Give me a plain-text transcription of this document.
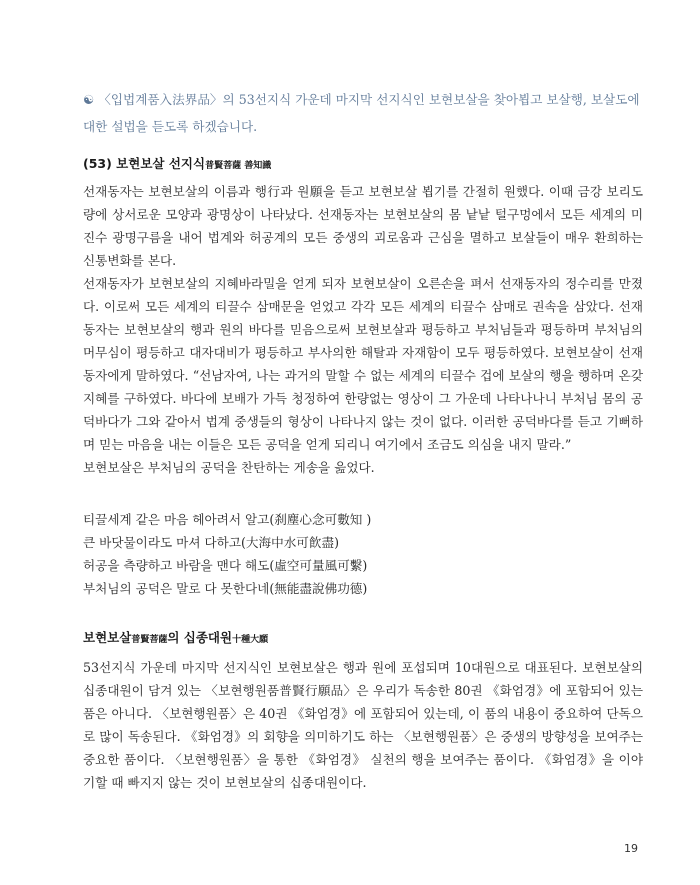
☯ 〈입법계품入法界品〉의 53선지식 가운데 마지막 선지식인 보현보살을 찾아뵙고 보살행, 보살도에 대한 설법을 듣도록 하겠습니다.
(53) 보현보살 선지식普賢菩薩 善知識

선재동자는 보현보살의 이름과 행行과 원願을 듣고 보현보살 뵙기를 간절히 원했다. 이때 금강 보리도량에 상서로운 모양과 광명상이 나타났다. 선재동자는 보현보살의 몸 낱낱 털구멍에서 모든 세계의 미진수 광명구름을 내어 법계와 허공계의 모든 중생의 괴로움과 근심을 멸하고 보살들이 매우 환희하는 신통변화를 본다.

선재동자가 보현보살의 지혜바라밀을 얻게 되자 보현보살이 오른손을 펴서 선재동자의 정수리를 만졌다. 이로써 모든 세계의 티끌수 삼매문을 얻었고 각각 모든 세계의 티끌수 삼매로 권속을 삼았다. 선재동자는 보현보살의 행과 원의 바다를 믿음으로써 보현보살과 평등하고 부처님들과 평등하며 부처님의 머무심이 평등하고 대자대비가 평등하고 부사의한 해탈과 자재함이 모두 평등하였다. 보현보살이 선재동자에게 말하였다. “선남자여, 나는 과거의 말할 수 없는 세계의 티끌수 겁에 보살의 행을 행하며 온갖 지혜를 구하였다. 바다에 보배가 가득 청정하여 한량없는 영상이 그 가운데 나타나나니 부처님 몸의 공덕바다가 그와 같아서 법계 중생들의 형상이 나타나지 않는 것이 없다. 이러한 공덕바다를 듣고 기뻐하며 믿는 마음을 내는 이들은 모든 공덕을 얻게 되리니 여기에서 조금도 의심을 내지 말라.”

보현보살은 부처님의 공덕을 찬탄하는 게송을 읊었다.

티끌세계 같은 마음 헤아려서 알고(刹塵心念可數知 )
큰 바닷물이라도 마셔 다하고(大海中水可飮盡)
허공을 측량하고 바람을 맨다 해도(虛空可量風可繫)
부처님의 공덕은 말로 다 못한다네(無能盡說佛功德)
보현보살普賢菩薩의 십종대원十種大願
53선지식 가운데 마지막 선지식인 보현보살은 행과 원에 포섭되며 10대원으로 대표된다. 보현보살의 십종대원이 담겨 있는 〈보현행원품普賢行願品〉은 우리가 독송한 80권 《화엄경》에 포함되어 있는 품은 아니다. 〈보현행원품〉은 40권 《화엄경》에 포함되어 있는데, 이 품의 내용이 중요하여 단독으로 많이 독송된다. 《화엄경》의 회향을 의미하기도 하는 〈보현행원품〉은 중생의 방향성을 보여주는 중요한 품이다. 〈보현행원품〉을 통한 《화엄경》 실천의 행을 보여주는 품이다. 《화엄경》을 이야기할 때 빠지지 않는 것이 보현보살의 십종대원이다.
19
